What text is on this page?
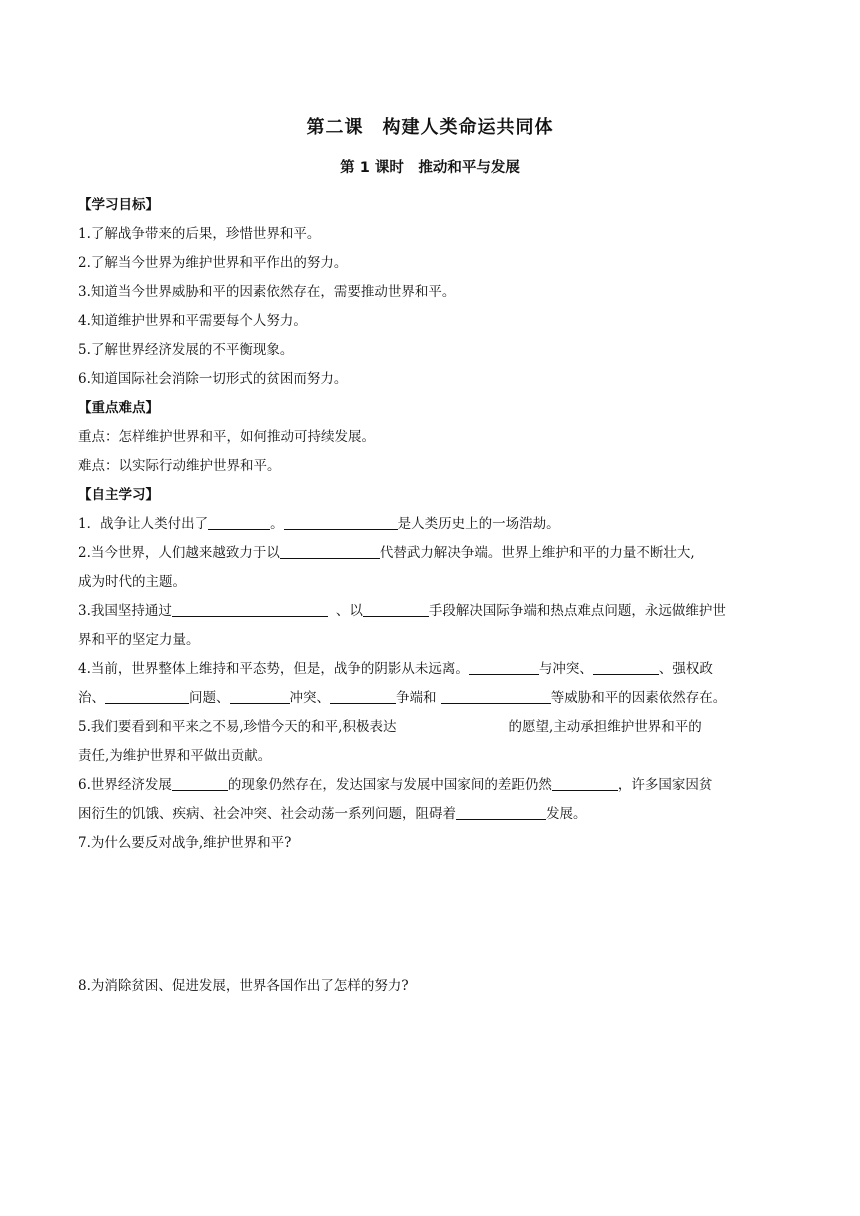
第二课　构建人类命运共同体
第 1 课时　推动和平与发展
【学习目标】
1.了解战争带来的后果，珍惜世界和平。
2.了解当今世界为维护世界和平作出的努力。
3.知道当今世界威胁和平的因素依然存在，需要推动世界和平。
4.知道维护世界和平需要每个人努力。
5.了解世界经济发展的不平衡现象。
6.知道国际社会消除一切形式的贫困而努力。
【重点难点】
重点：怎样维护世界和平，如何推动可持续发展。
难点：以实际行动维护世界和平。
【自主学习】
1．战争让人类付出了	。	是人类历史上的一场浩劫。
2.当今世界，人们越来越致力于以	代替武力解决争端。世界上维护和平的力量不断壮大,
成为时代的主题。
3.我国坚持通过	、以	手段解决国际争端和热点难点问题，永远做维护世
界和平的坚定力量。
4.当前，世界整体上维持和平态势，但是，战争的阴影从未远离。	与冲突、	、强权政
治、	问题、	冲突、	争端和	等威胁和平的因素依然存在。
5.我们要看到和平来之不易,珍惜今天的和平,积极表达	的愿望,主动承担维护世界和平的
责任,为维护世界和平做出贡献。
6.世界经济发展	的现象仍然存在，发达国家与发展中国家间的差距仍然	，许多国家因贫
困衍生的饥饿、疾病、社会冲突、社会动荡一系列问题，阻碍着	发展。
7.为什么要反对战争,维护世界和平?
8.为消除贫困、促进发展，世界各国作出了怎样的努力?
